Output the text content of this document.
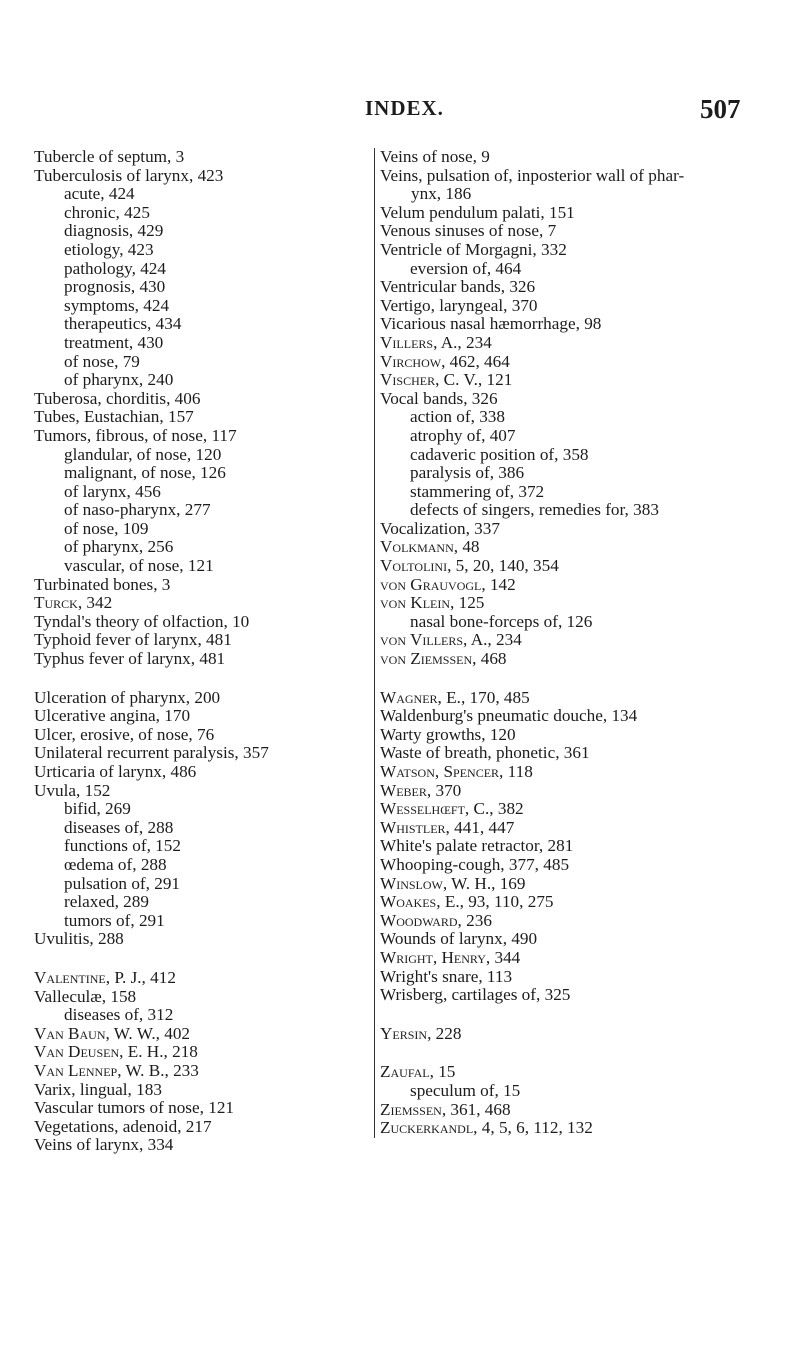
INDEX.	507
Tubercle of septum, 3
Tuberculosis of larynx, 423
acute, 424
chronic, 425
diagnosis, 429
etiology, 423
pathology, 424
prognosis, 430
symptoms, 424
therapeutics, 434
treatment, 430
of nose, 79
of pharynx, 240
Tuberosa, chorditis, 406
Tubes, Eustachian, 157
Tumors, fibrous, of nose, 117
glandular, of nose, 120
malignant, of nose, 126
of larynx, 456
of naso-pharynx, 277
of nose, 109
of pharynx, 256
vascular, of nose, 121
Turbinated bones, 3
Turck, 342
Tyndal's theory of olfaction, 10
Typhoid fever of larynx, 481
Typhus fever of larynx, 481
Ulceration of pharynx, 200
Ulcerative angina, 170
Ulcer, erosive, of nose, 76
Unilateral recurrent paralysis, 357
Urticaria of larynx, 486
Uvula, 152
bifid, 269
diseases of, 288
functions of, 152
œdema of, 288
pulsation of, 291
relaxed, 289
tumors of, 291
Uvulitis, 288
Valentine, P. J., 412
Valleculæ, 158
diseases of, 312
Van Baun, W. W., 402
Van Deusen, E. H., 218
Van Lennep, W. B., 233
Varix, lingual, 183
Vascular tumors of nose, 121
Vegetations, adenoid, 217
Veins of larynx, 334
Veins of nose, 9
Veins, pulsation of, inposterior wall of phar-
ynx, 186
Velum pendulum palati, 151
Venous sinuses of nose, 7
Ventricle of Morgagni, 332
eversion of, 464
Ventricular bands, 326
Vertigo, laryngeal, 370
Vicarious nasal hæmorrhage, 98
Villers, A., 234
Virchow, 462, 464
Vischer, C. V., 121
Vocal bands, 326
action of, 338
atrophy of, 407
cadaveric position of, 358
paralysis of, 386
stammering of, 372
defects of singers, remedies for, 383
Vocalization, 337
Volkmann, 48
Voltolini, 5, 20, 140, 354
von Grauvogl, 142
von Klein, 125
nasal bone-forceps of, 126
von Villers, A., 234
von Ziemssen, 468
Wagner, E., 170, 485
Waldenburg's pneumatic douche, 134
Warty growths, 120
Waste of breath, phonetic, 361
Watson, Spencer, 118
Weber, 370
Wesselhœft, C., 382
Whistler, 441, 447
White's palate retractor, 281
Whooping-cough, 377, 485
Winslow, W. H., 169
Woakes, E., 93, 110, 275
Woodward, 236
Wounds of larynx, 490
Wright, Henry, 344
Wright's snare, 113
Wrisberg, cartilages of, 325
Yersin, 228
Zaufal, 15
speculum of, 15
Ziemssen, 361, 468
Zuckerkandl, 4, 5, 6, 112, 132
